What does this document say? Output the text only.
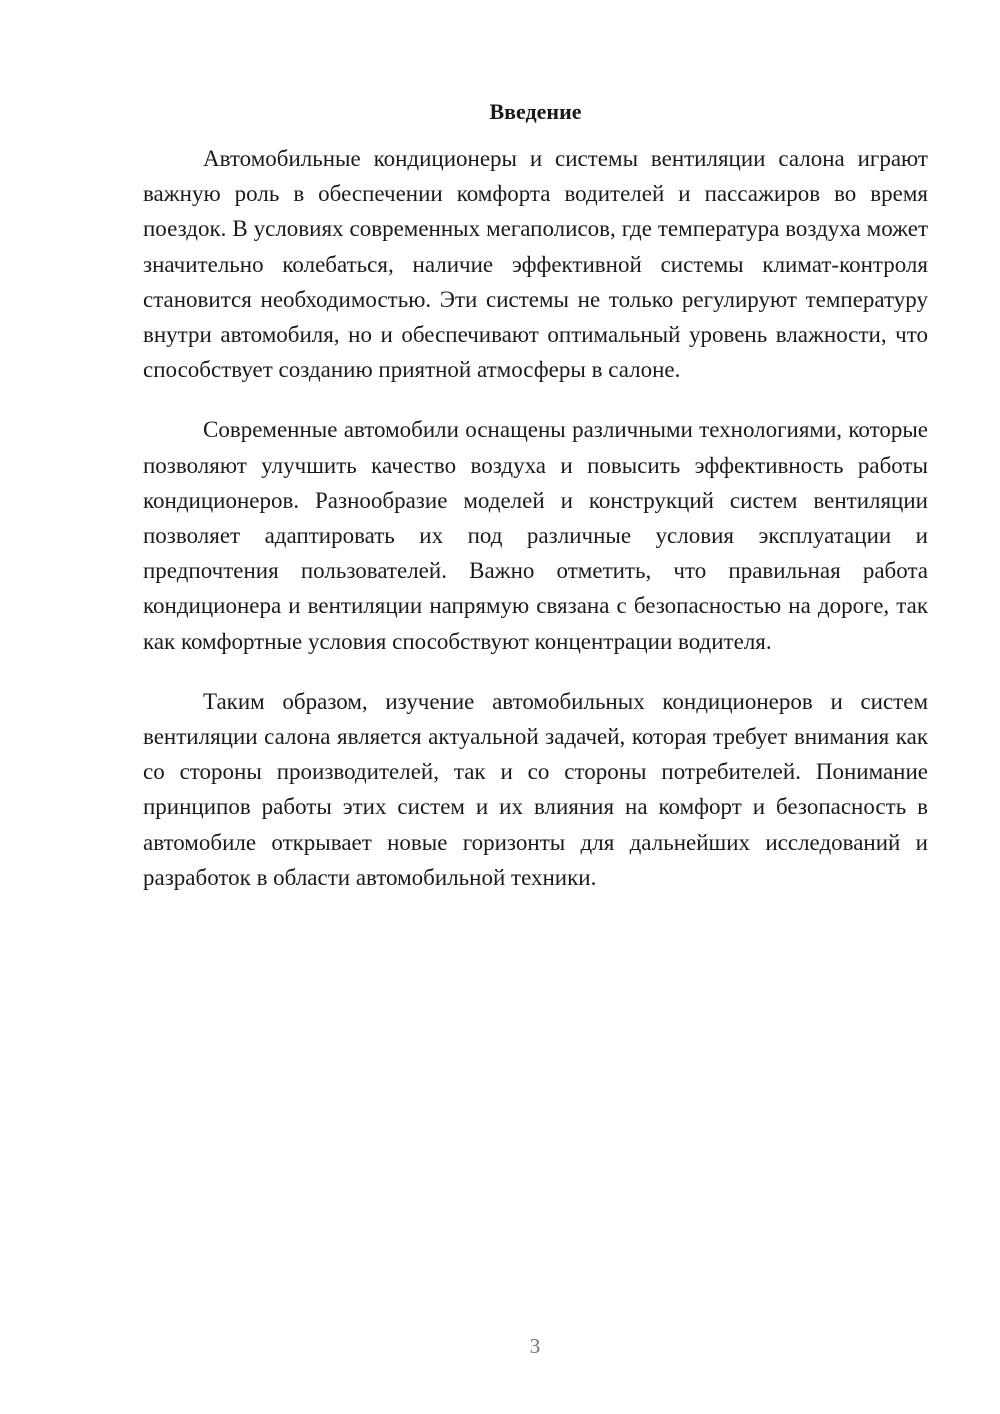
Введение

Автомобильные кондиционеры и системы вентиляции салона играют важную роль в обеспечении комфорта водителей и пассажиров во время поездок. В условиях современных мегаполисов, где температура воздуха может значительно колебаться, наличие эффективной системы климат-контроля становится необходимостью. Эти системы не только регулируют температуру внутри автомобиля, но и обеспечивают оптимальный уровень влажности, что способствует созданию приятной атмосферы в салоне.

Современные автомобили оснащены различными технологиями, которые позволяют улучшить качество воздуха и повысить эффективность работы кондиционеров. Разнообразие моделей и конструкций систем вентиляции позволяет адаптировать их под различные условия эксплуатации и предпочтения пользователей. Важно отметить, что правильная работа кондиционера и вентиляции напрямую связана с безопасностью на дороге, так как комфортные условия способствуют концентрации водителя.

Таким образом, изучение автомобильных кондиционеров и систем вентиляции салона является актуальной задачей, которая требует внимания как со стороны производителей, так и со стороны потребителей. Понимание принципов работы этих систем и их влияния на комфорт и безопасность в автомобиле открывает новые горизонты для дальнейших исследований и разработок в области автомобильной техники.

3
